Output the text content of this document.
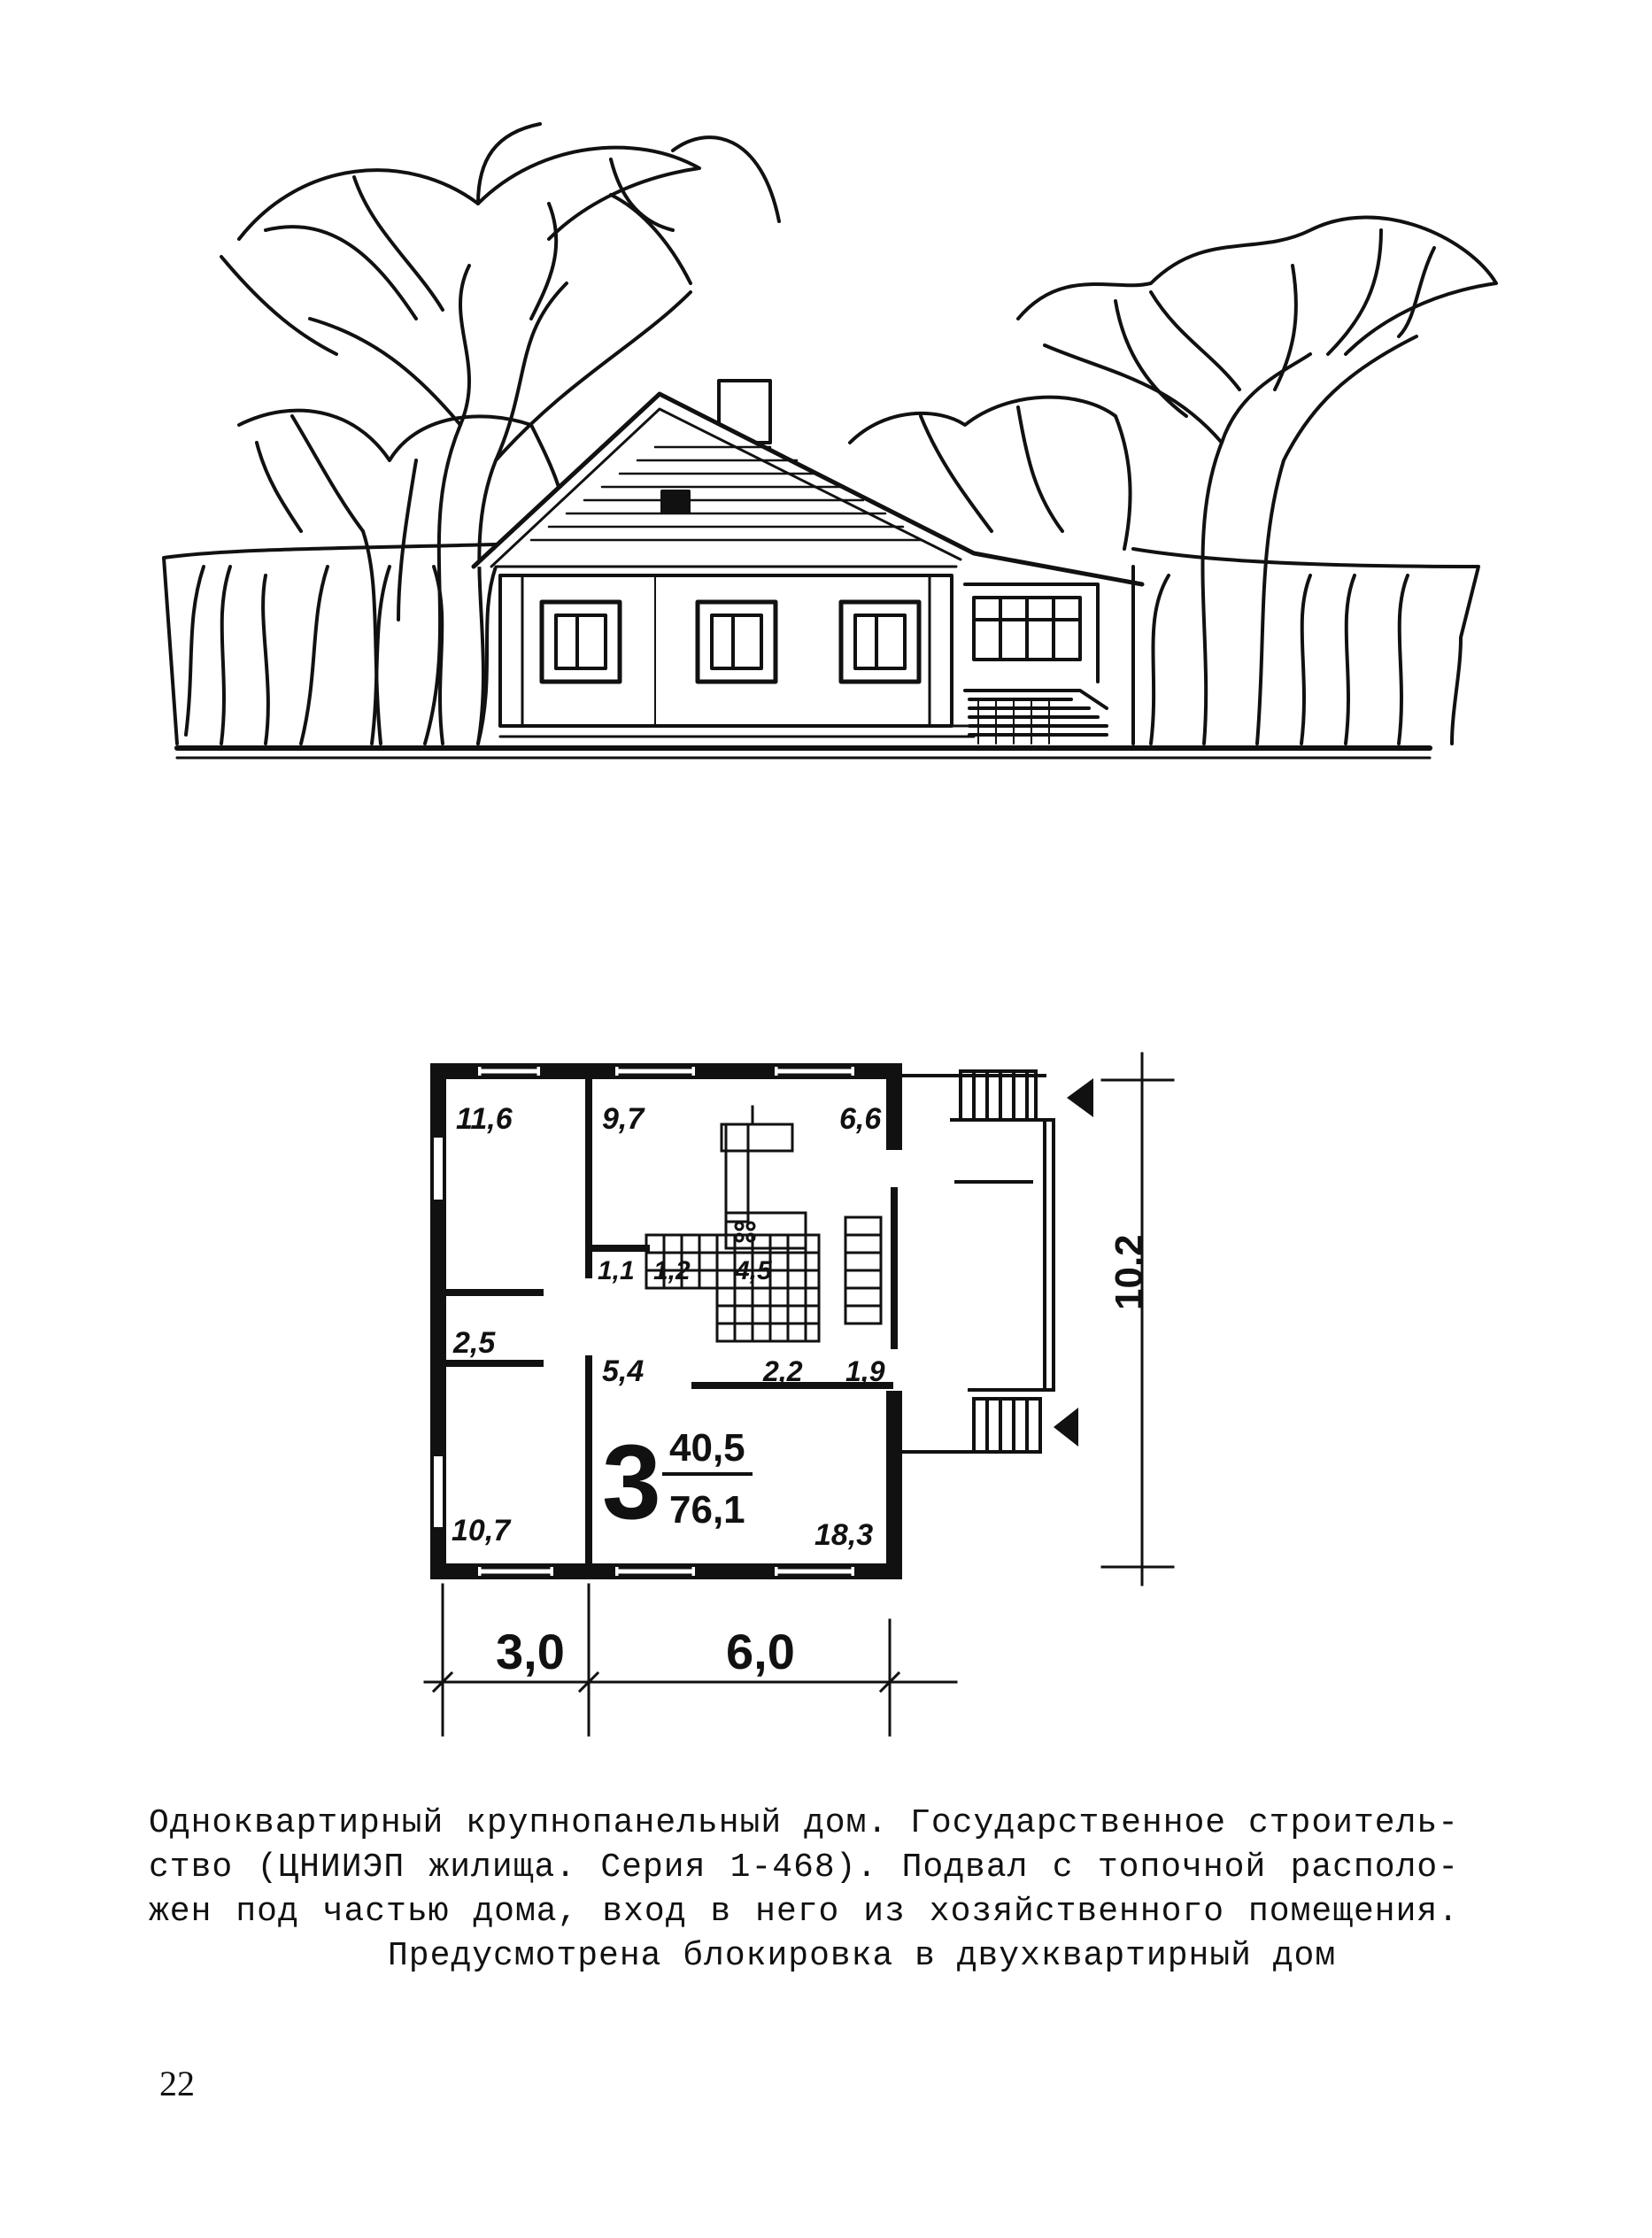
11,6	9,7	6,6
1,1 1,2 4,5
2,5
5,4	2,2 1,9
10,7	18,3
3 40,5
76,1
3,0	6,0
10.2
Одноквартирный крупнопанельный дом. Государственное строитель-
ство (ЦНИИЭП жилища. Серия 1-468). Подвал с топочной располо-
жен под частью дома, вход в него из хозяйственного помещения.
Предусмотрена блокировка в двухквартирный дом
22
